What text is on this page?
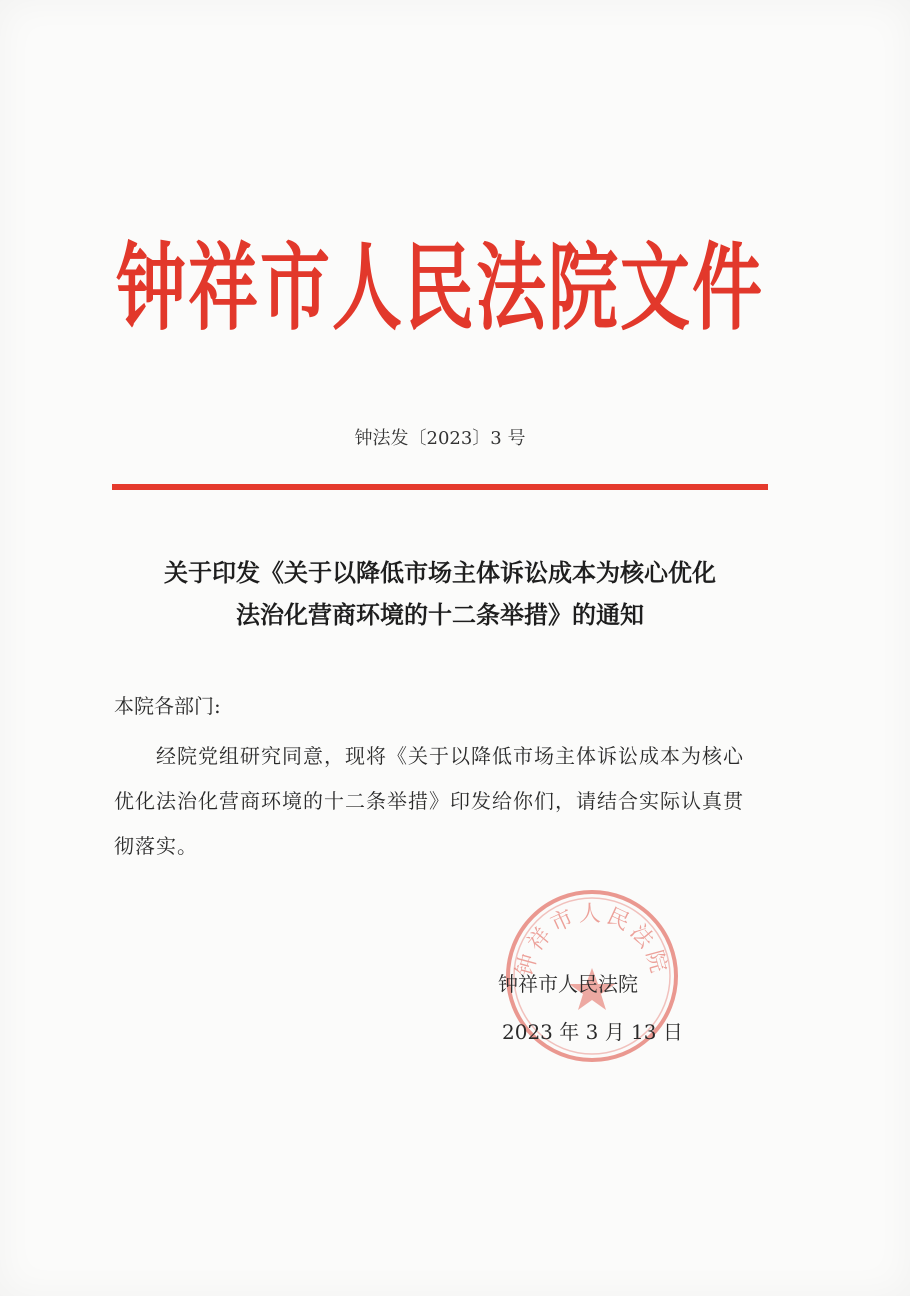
钟祥市人民法院文件
钟法发〔2023〕3 号
关于印发《关于以降低市场主体诉讼成本为核心优化
法治化营商环境的十二条举措》的通知
本院各部门:
经院党组研究同意，现将《关于以降低市场主体诉讼成本为核心优化法治化营商环境的十二条举措》印发给你们，请结合实际认真贯彻落实。
钟祥市人民法院
钟祥市人民法院
2023 年 3 月 13 日
